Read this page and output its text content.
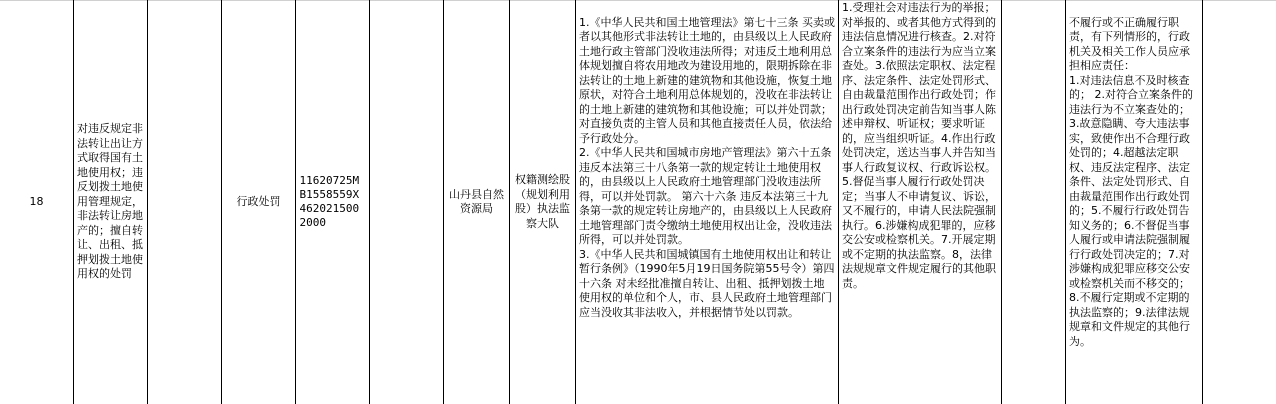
18
对违反规定非法转让出让方式取得国有土地使用权；违反划拨土地使用管理规定，非法转让房地产的；擅自转让、出租、抵押划拨土地使用权的处罚
行政处罚
11620725MB1558559X4620215002000
山丹县自然资源局
权籍测绘股（规划利用股）执法监察大队

1.《中华人民共和国土地管理法》第七十三条 买卖或者以其他形式非法转让土地的，由县级以上人民政府土地行政主管部门没收违法所得；对违反土地利用总体规划擅自将农用地改为建设用地的，限期拆除在非法转让的土地上新建的建筑物和其他设施，恢复土地原状，对符合土地利用总体规划的，没收在非法转让的土地上新建的建筑物和其他设施；可以并处罚款；对直接负责的主管人员和其他直接责任人员，依法给予行政处分。
2.《中华人民共和国城市房地产管理法》第六十五条 违反本法第三十八条第一款的规定转让土地使用权的，由县级以上人民政府土地管理部门没收违法所得，可以并处罚款。 第六十六条 违反本法第三十九条第一款的规定转让房地产的，由县级以上人民政府土地管理部门责令缴纳土地使用权出让金，没收违法所得，可以并处罚款。
3.《中华人民共和国城镇国有土地使用权出让和转让暂行条例》（1990年5月19日国务院第55号令）第四十六条 对未经批准擅自转让、出租、抵押划拨土地使用权的单位和个人，市、县人民政府土地管理部门应当没收其非法收入，并根据情节处以罚款。

1.受理社会对违法行为的举报；对举报的、或者其他方式得到的违法信息情况进行核查。2.对符合立案条件的违法行为应当立案查处。3.依照法定职权、法定程序、法定条件、法定处罚形式、自由裁量范围作出行政处罚；作出行政处罚决定前告知当事人陈述申辩权、听证权；要求听证的，应当组织听证。4.作出行政处罚决定，送达当事人并告知当事人行政复议权、行政诉讼权。5.督促当事人履行行政处罚决定；当事人不申请复议、诉讼，又不履行的，申请人民法院强制执行。6.涉嫌构成犯罪的，应移交公安或检察机关。7.开展定期或不定期的执法监察。8，法律法规规章文件规定履行的其他职责。

不履行或不正确履行职责，有下列情形的，行政机关及相关工作人员应承担相应责任：
1.对违法信息不及时核查的； 2.对符合立案条件的违法行为不立案查处的； 3.故意隐瞒、夸大违法事实，致使作出不合理行政处罚的；4.超越法定职权、违反法定程序、法定条件、法定处罚形式、自由裁量范围作出行政处罚的；5.不履行行政处罚告知义务的；6.不督促当事人履行或申请法院强制履行行政处罚决定的；7.对涉嫌构成犯罪应移交公安或检察机关而不移交的； 8.不履行定期或不定期的执法监察的；9.法律法规规章和文件规定的其他行为。
